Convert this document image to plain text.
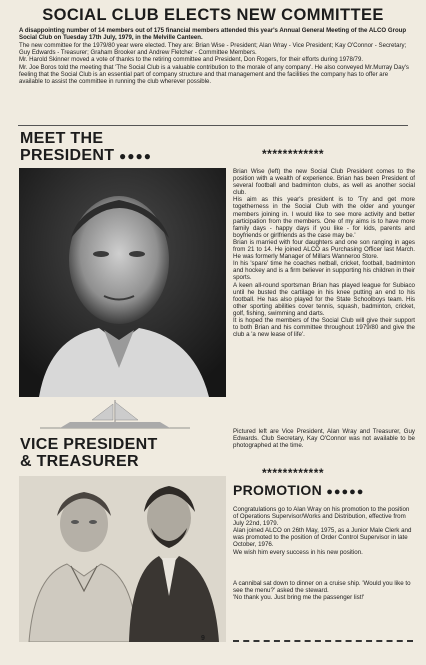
SOCIAL CLUB ELECTS NEW COMMITTEE

A disappointing number of 14 members out of 175 financial members attended this year's Annual General Meeting of the ALCO Group Social Club on Tuesday 17th July, 1979, in the Melville Canteen.

The new committee for the 1979/80 year were elected. They are: Brian Wise - President; Alan Wray - Vice President; Kay O'Connor - Secretary; Guy Edwards - Treasurer; Graham Brooker and Andrew Fletcher - Committee Members.

Mr. Harold Skinner moved a vote of thanks to the retiring committee and President, Don Rogers, for their efforts during 1978/79.

Mr. Joe Boros told the meeting that 'The Social Club is a valuable contribution to the morale of any company'. He also conveyed Mr.Murray Day's feeling that the Social Club is an essential part of company structure and that management and the facilities the company has to offer are available to assist the committee in running the club wherever possible.

MEET THE
PRESIDENT ●●●●	************

Brian Wise (left) the new Social Club President comes to the position with a wealth of experience. Brian has been President of several football and badminton clubs, as well as another social club.

His aim as this year's president is to 'Try and get more togetherness in the Social Club with the older and younger members joining in. I would like to see more activity and better participation from the members. One of my aims is to have more family days - happy days if you like - for kids, parents and boyfriends or girlfriends as the case may be.'

Brian is married with four daughters and one son ranging in ages from 21 to 14. He joined ALCO as Purchasing Officer last March. He was formerly Manager of Millars Wanneroo Store.

In his 'spare' time he coaches netball, cricket, football, badminton and hockey and is a firm believer in supporting his children in their sports.

A keen all-round sportsman Brian has played league for Subiaco until he busted the cartilage in his knee putting an end to his football. He has also played for the State Schoolboys team. His other sporting abilities cover tennis, squash, badminton, cricket, golf, fishing, swimming and darts.

It is hoped the members of the Social Club will give their support to both Brian and his committee throughout 1979/80 and give the club a 'a new lease of life'.

VICE PRESIDENT
& TREASURER

Pictured left are Vice President, Alan Wray and Treasurer, Guy Edwards. Club Secretary, Kay O'Connor was not available to be photographed at the time.

************
PROMOTION ●●●●●

Congratulations go to Alan Wray on his promotion to the position of Operations Supervisor/Works and Distribution, effective from July 22nd, 1979.

Alan joined ALCO on 26th May, 1975, as a Junior Male Clerk and was promoted to the position of Order Control Supervisor in late October, 1976.

We wish him every success in his new position.

A cannibal sat down to dinner on a cruise ship. 'Would you like to see the menu?' asked the steward.

'No thank you. Just bring me the passenger list!'

9
